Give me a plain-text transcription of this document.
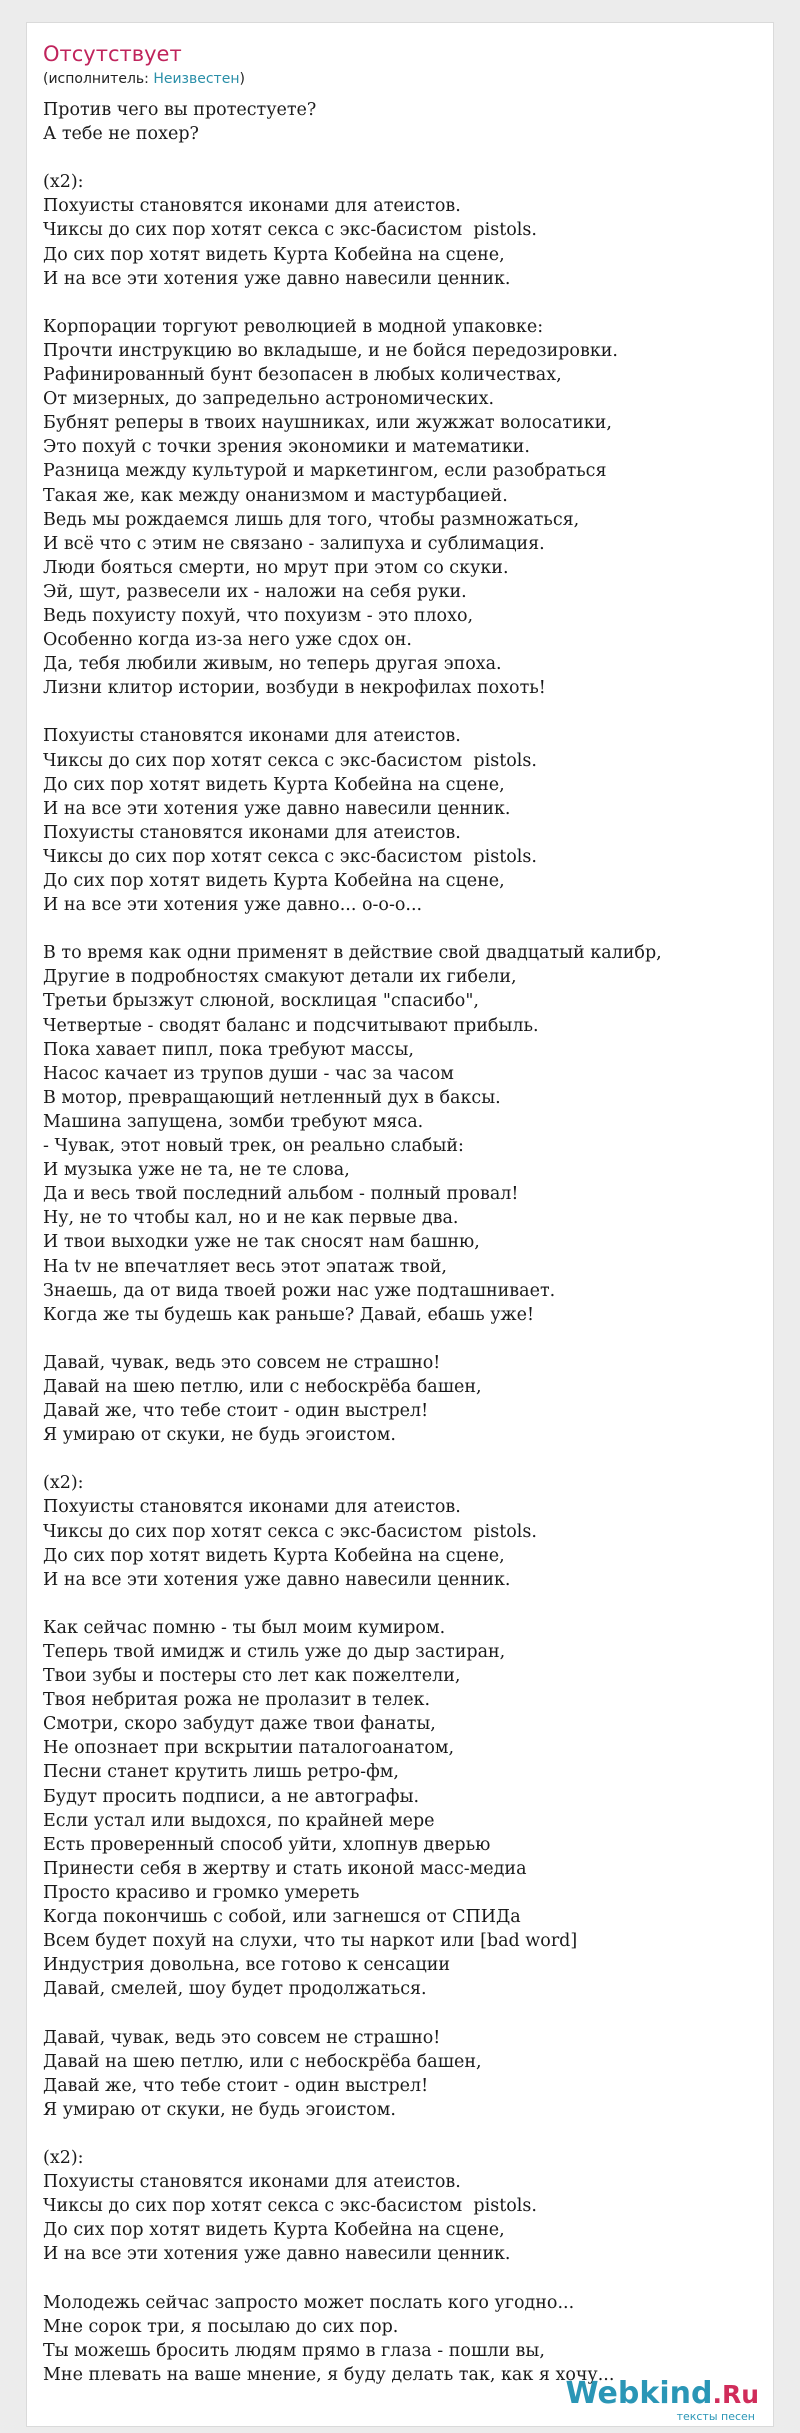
Отсутствует
(исполнитель: Неизвестен)
Против чего вы протестуете?
А тебе не похер?
(x2):
Похуисты становятся иконами для атеистов.
Чиксы до сих пор хотят секса с экс-басистом  pistols.
До сих пор хотят видеть Курта Кобейна на сцене,
И на все эти хотения уже давно навесили ценник.
Корпорации торгуют революцией в модной упаковке:
Прочти инструкцию во вкладыше, и не бойся передозировки.
Рафинированный бунт безопасен в любых количествах,
От мизерных, до запредельно астрономических.
Бубнят реперы в твоих наушниках, или жужжат волосатики,
Это похуй с точки зрения экономики и математики.
Разница между культурой и маркетингом, если разобраться
Такая же, как между онанизмом и мастурбацией.
Ведь мы рождаемся лишь для того, чтобы размножаться,
И всё что с этим не связано - залипуха и сублимация.
Люди бояться смерти, но мрут при этом со скуки.
Эй, шут, развесели их - наложи на себя руки.
Ведь похуисту похуй, что похуизм - это плохо,
Особенно когда из-за него уже сдох он.
Да, тебя любили живым, но теперь другая эпоха.
Лизни клитор истории, возбуди в некрофилах похоть!
Похуисты становятся иконами для атеистов.
Чиксы до сих пор хотят секса с экс-басистом  pistols.
До сих пор хотят видеть Курта Кобейна на сцене,
И на все эти хотения уже давно навесили ценник.
Похуисты становятся иконами для атеистов.
Чиксы до сих пор хотят секса с экс-басистом  pistols.
До сих пор хотят видеть Курта Кобейна на сцене,
И на все эти хотения уже давно... о-о-о...
В то время как одни применят в действие свой двадцатый калибр,
Другие в подробностях смакуют детали их гибели,
Третьи брызжут слюной, восклицая "спасибо",
Четвертые - сводят баланс и подсчитывают прибыль.
Пока хавает пипл, пока требуют массы,
Насос качает из трупов души - час за часом
В мотор, превращающий нетленный дух в баксы.
Машина запущена, зомби требуют мяса.
- Чувак, этот новый трек, он реально слабый:
И музыка уже не та, не те слова,
Да и весь твой последний альбом - полный провал!
Ну, не то чтобы кал, но и не как первые два.
И твои выходки уже не так сносят нам башню,
На tv не впечатляет весь этот эпатаж твой,
Знаешь, да от вида твоей рожи нас уже подташнивает.
Когда же ты будешь как раньше? Давай, ебашь уже!
Давай, чувак, ведь это совсем не страшно!
Давай на шею петлю, или с небоскрёба башен,
Давай же, что тебе стоит - один выстрел!
Я умираю от скуки, не будь эгоистом.
(x2):
Похуисты становятся иконами для атеистов.
Чиксы до сих пор хотят секса с экс-басистом  pistols.
До сих пор хотят видеть Курта Кобейна на сцене,
И на все эти хотения уже давно навесили ценник.
Как сейчас помню - ты был моим кумиром.
Теперь твой имидж и стиль уже до дыр застиран,
Твои зубы и постеры сто лет как пожелтели,
Твоя небритая рожа не пролазит в телек.
Смотри, скоро забудут даже твои фанаты,
Не опознает при вскрытии паталогоанатом,
Песни станет крутить лишь ретро-фм,
Будут просить подписи, а не автографы.
Если устал или выдохся, по крайней мере
Есть проверенный способ уйти, хлопнув дверью
Принести себя в жертву и стать иконой масс-медиа
Просто красиво и громко умереть
Когда покончишь с собой, или загнешся от СПИДа
Всем будет похуй на слухи, что ты наркот или [bad word]
Индустрия довольна, все готово к сенсации
Давай, смелей, шоу будет продолжаться.
Давай, чувак, ведь это совсем не страшно!
Давай на шею петлю, или с небоскрёба башен,
Давай же, что тебе стоит - один выстрел!
Я умираю от скуки, не будь эгоистом.
(x2):
Похуисты становятся иконами для атеистов.
Чиксы до сих пор хотят секса с экс-басистом  pistols.
До сих пор хотят видеть Курта Кобейна на сцене,
И на все эти хотения уже давно навесили ценник.
Молодежь сейчас запросто может послать кого угодно...
Мне сорок три, я посылаю до сих пор.
Ты можешь бросить людям прямо в глаза - пошли вы,
Мне плевать на ваше мнение, я буду делать так, как я хочу...
Webkind.Ru
тексты песен
